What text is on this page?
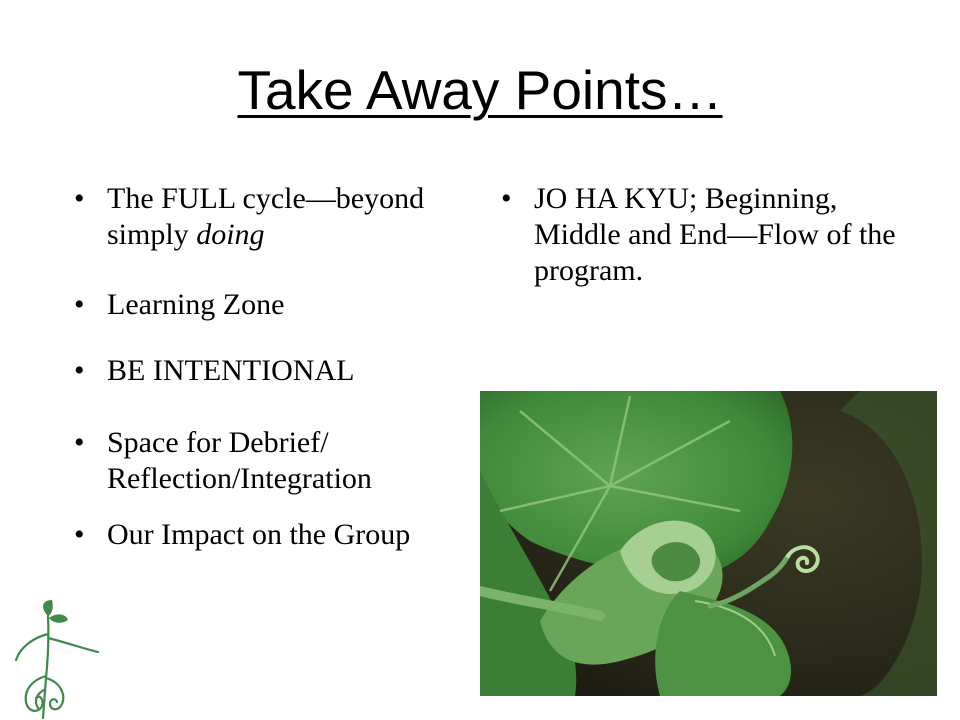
Take Away Points…
• The FULL cycle—beyond simply doing
• Learning Zone
• BE INTENTIONAL
• Space for Debrief/ Reflection/Integration
• Our Impact on the Group
• JO HA KYU; Beginning, Middle and End—Flow of the program.
